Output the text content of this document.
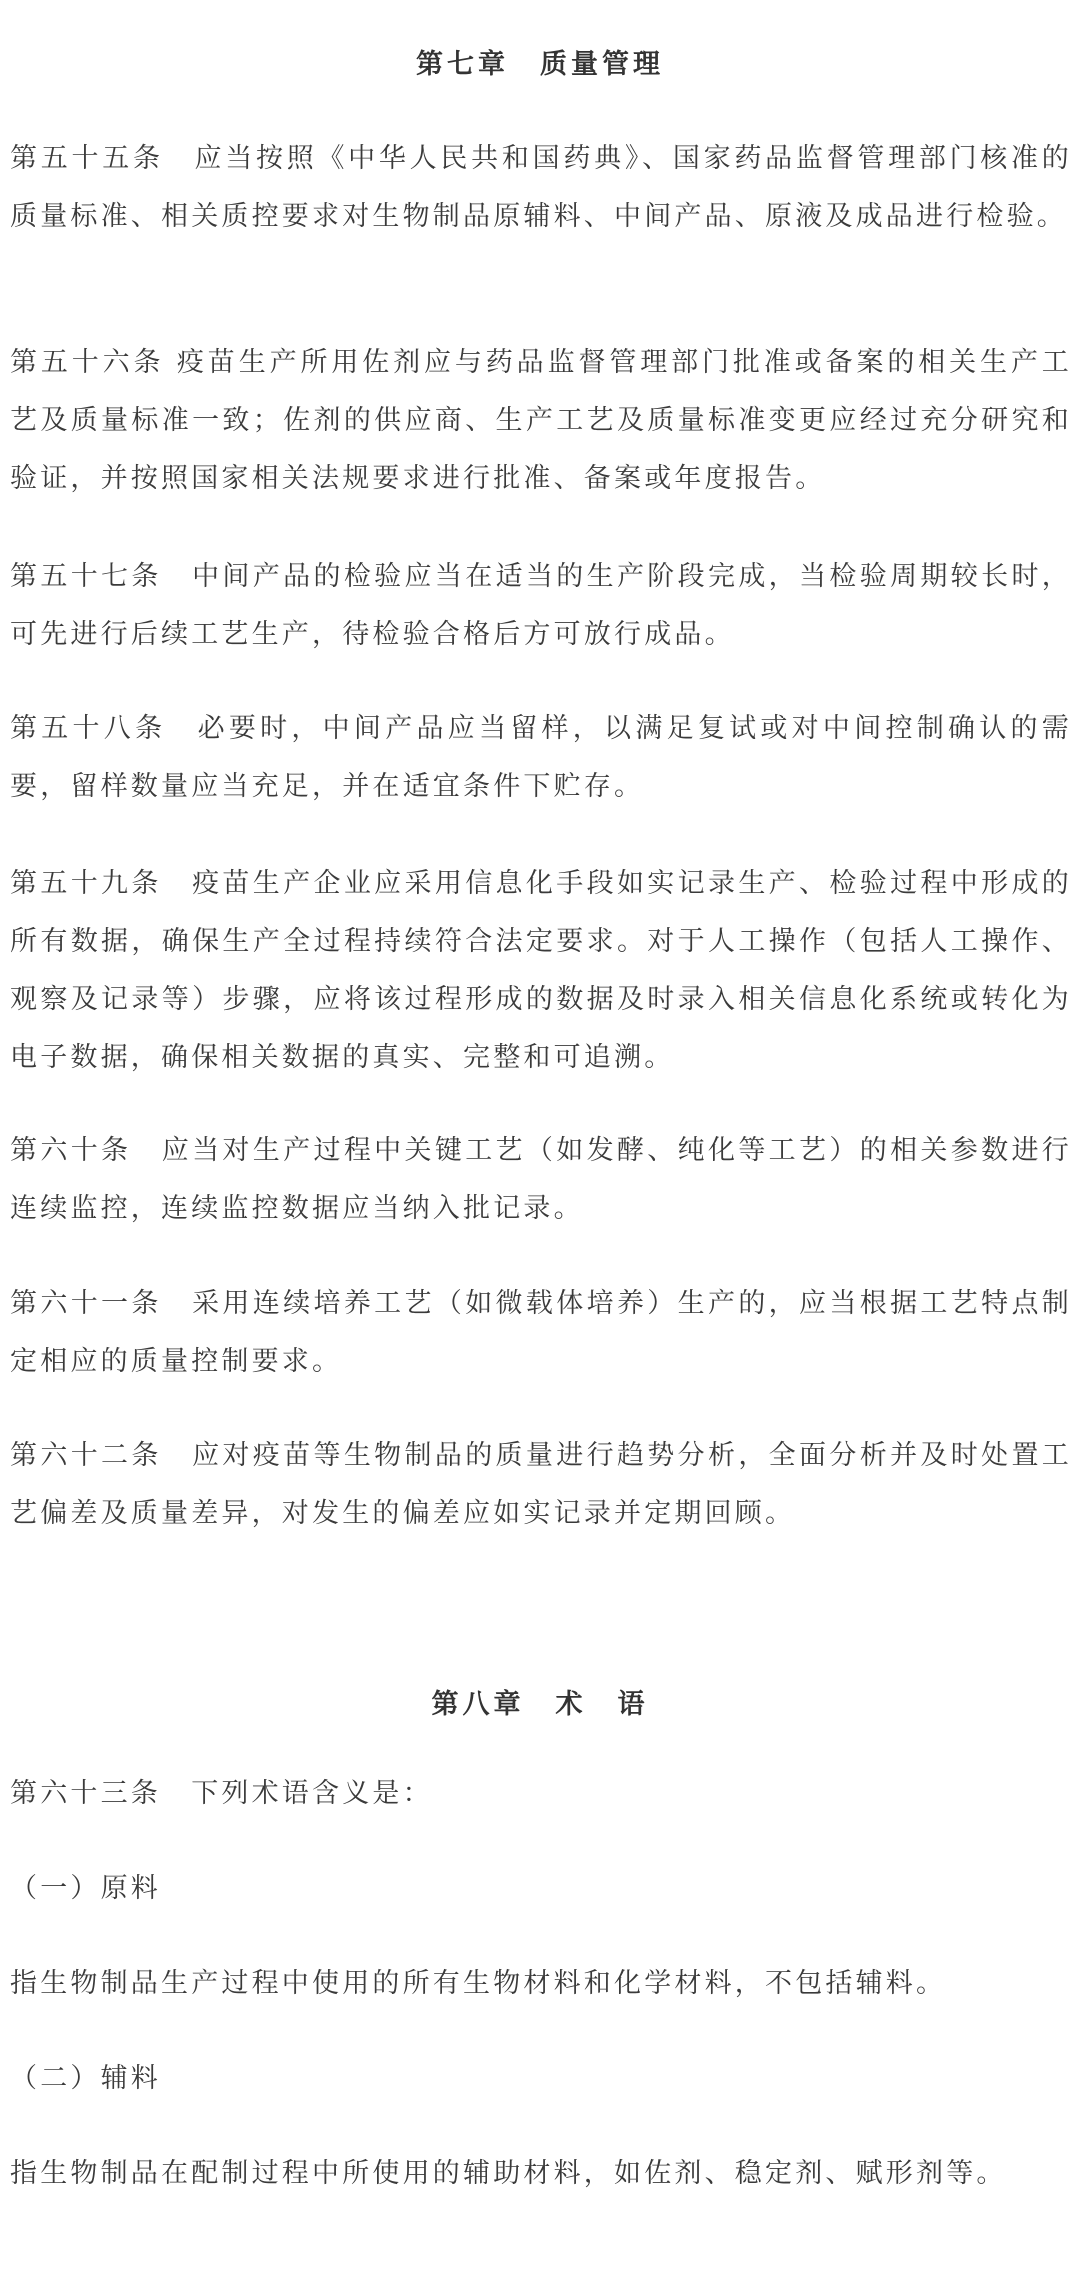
第七章　质量管理

第五十五条　应当按照《中华人民共和国药典》、国家药品监督管理部门核准的质量标准、相关质控要求对生物制品原辅料、中间产品、原液及成品进行检验。

第五十六条 疫苗生产所用佐剂应与药品监督管理部门批准或备案的相关生产工艺及质量标准一致；佐剂的供应商、生产工艺及质量标准变更应经过充分研究和验证，并按照国家相关法规要求进行批准、备案或年度报告。

第五十七条　中间产品的检验应当在适当的生产阶段完成，当检验周期较长时，可先进行后续工艺生产，待检验合格后方可放行成品。

第五十八条　必要时，中间产品应当留样，以满足复试或对中间控制确认的需要，留样数量应当充足，并在适宜条件下贮存。

第五十九条　疫苗生产企业应采用信息化手段如实记录生产、检验过程中形成的所有数据，确保生产全过程持续符合法定要求。对于人工操作（包括人工操作、观察及记录等）步骤，应将该过程形成的数据及时录入相关信息化系统或转化为电子数据，确保相关数据的真实、完整和可追溯。

第六十条　应当对生产过程中关键工艺（如发酵、纯化等工艺）的相关参数进行连续监控，连续监控数据应当纳入批记录。

第六十一条　采用连续培养工艺（如微载体培养）生产的，应当根据工艺特点制定相应的质量控制要求。

第六十二条　应对疫苗等生物制品的质量进行趋势分析，全面分析并及时处置工艺偏差及质量差异，对发生的偏差应如实记录并定期回顾。

第八章　术　语

第六十三条　下列术语含义是：

（一）原料

指生物制品生产过程中使用的所有生物材料和化学材料，不包括辅料。

（二）辅料

指生物制品在配制过程中所使用的辅助材料，如佐剂、稳定剂、赋形剂等。
